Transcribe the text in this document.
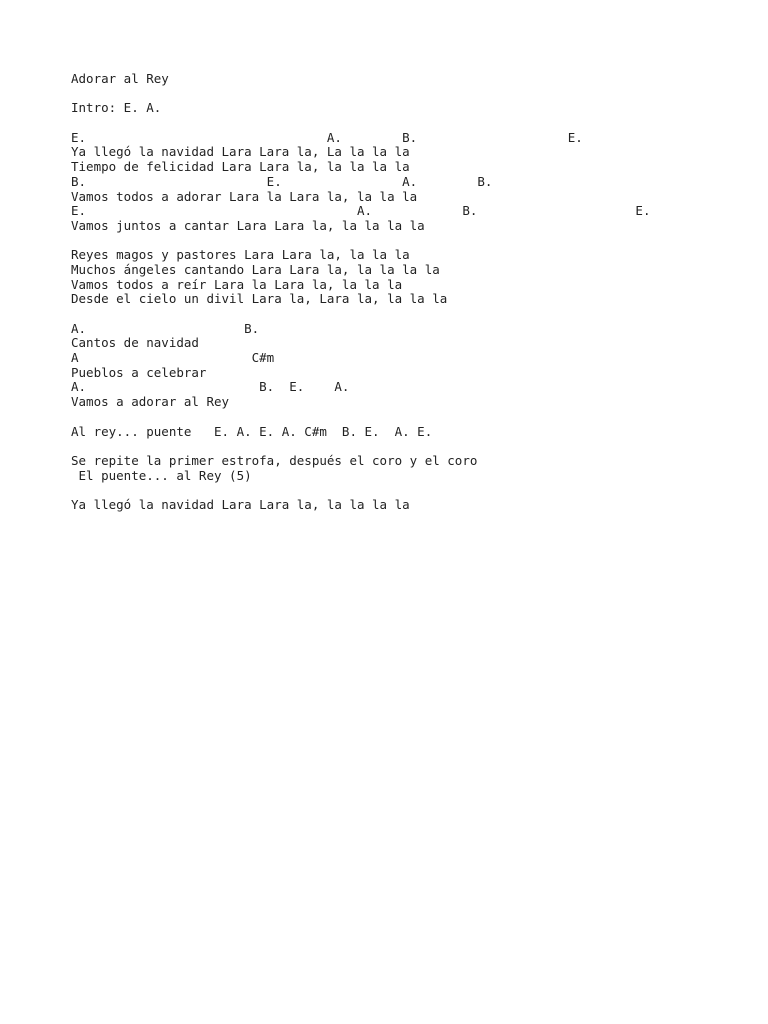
Adorar al Rey
Intro: E. A.
E.                                A.        B.                    E.
Ya llegó la navidad Lara Lara la, La la la la
Tiempo de felicidad Lara Lara la, la la la la
B.                        E.                A.        B.
Vamos todos a adorar Lara la Lara la, la la la
E.                                    A.            B.                     E.
Vamos juntos a cantar Lara Lara la, la la la la
Reyes magos y pastores Lara Lara la, la la la
Muchos ángeles cantando Lara Lara la, la la la la
Vamos todos a reír Lara la Lara la, la la la
Desde el cielo un divil Lara la, Lara la, la la la
A.                     B.
Cantos de navidad
A                       C#m
Pueblos a celebrar
A.                       B.  E.    A.
Vamos a adorar al Rey
Al rey... puente   E. A. E. A. C#m  B. E.  A. E.
Se repite la primer estrofa, después el coro y el coro
El puente... al Rey (5)
Ya llegó la navidad Lara Lara la, la la la la
